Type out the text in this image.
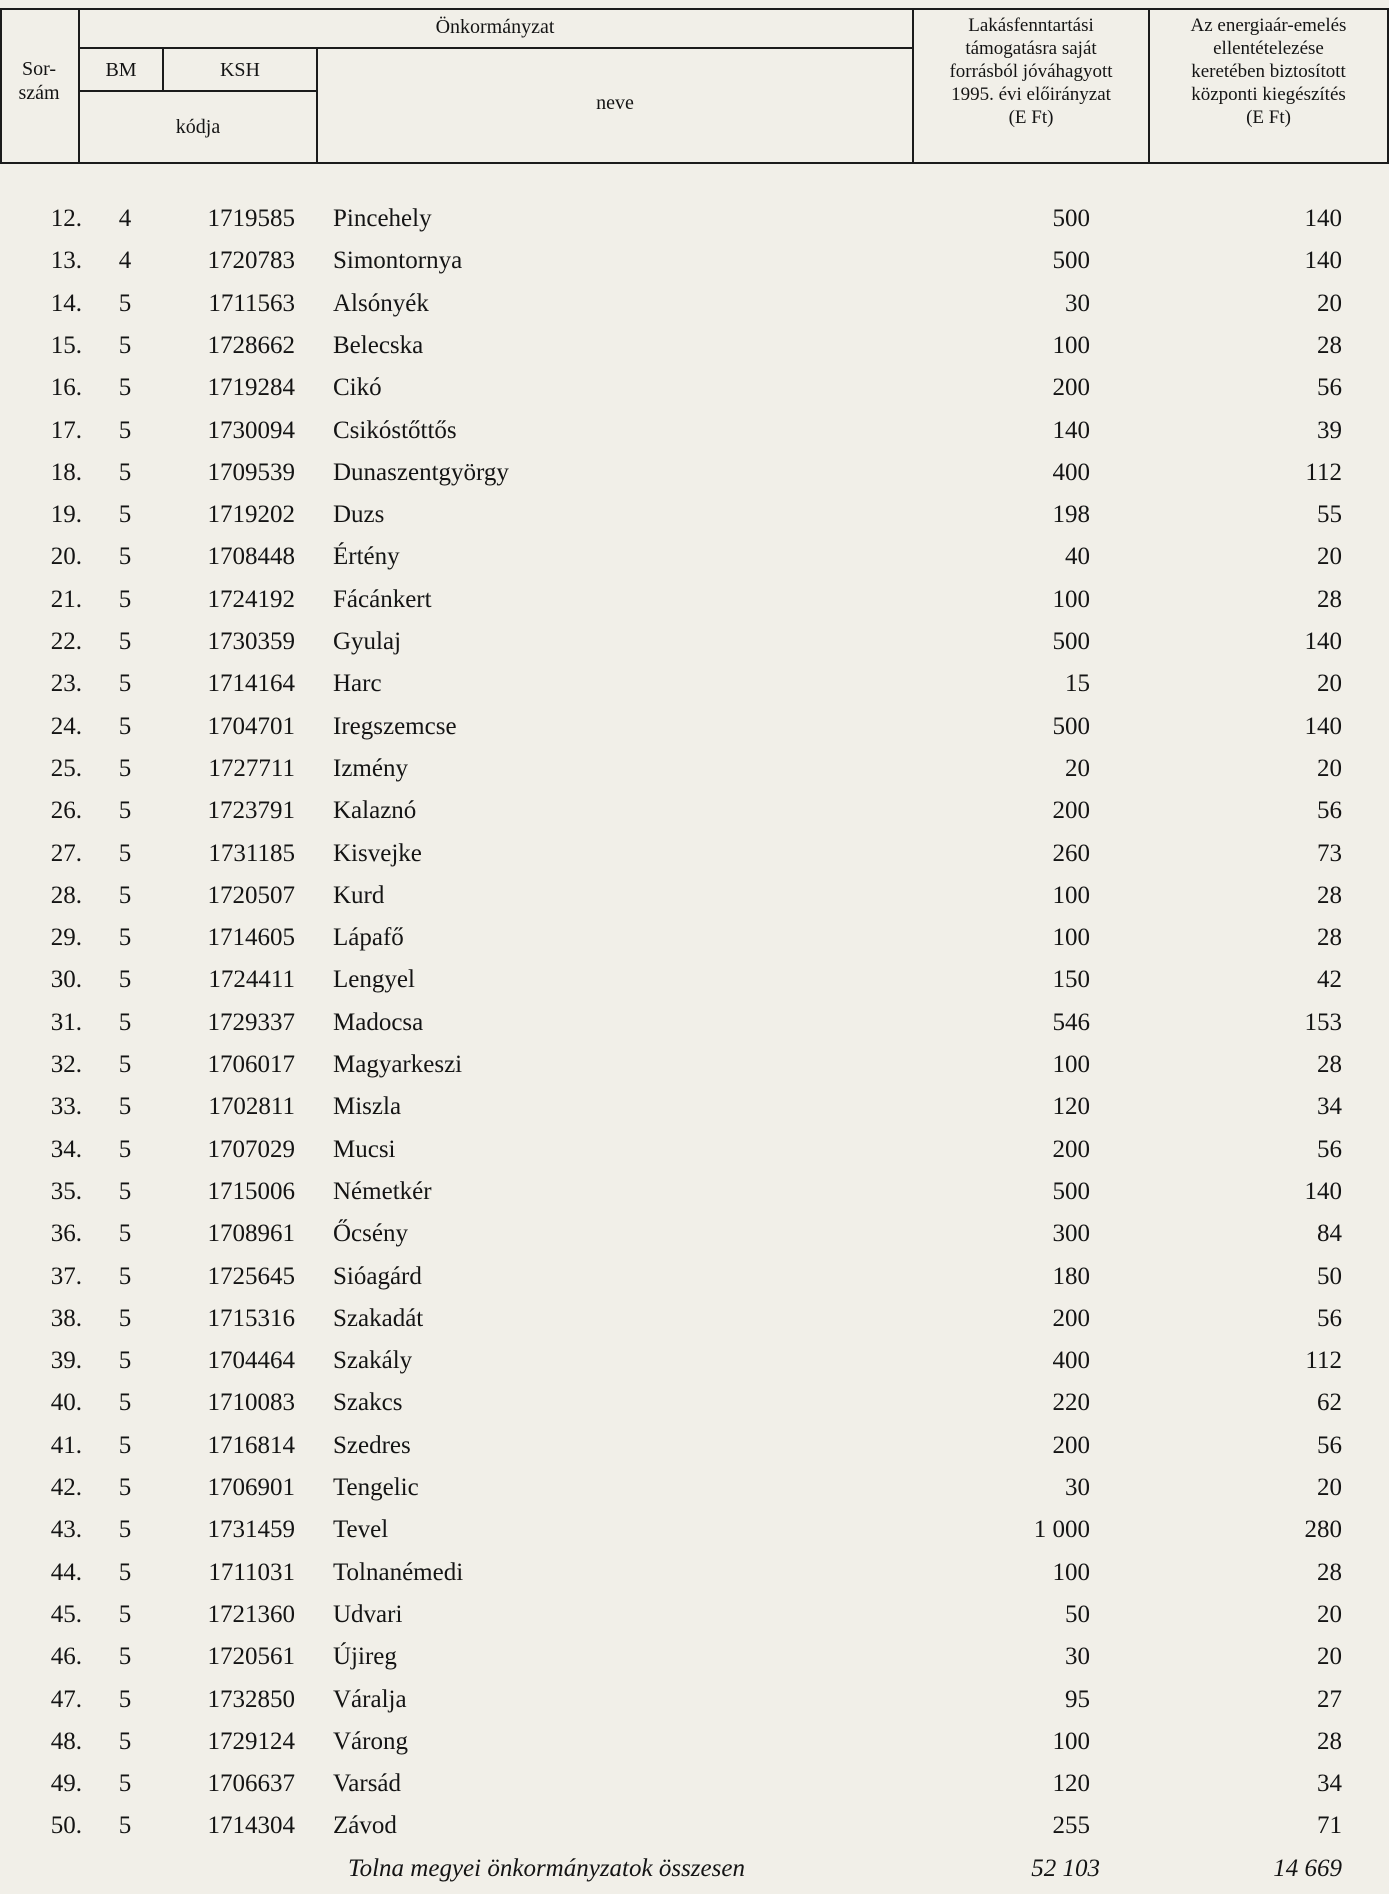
Önkormányzat
Sor-
szám
BM	KSH
kódja
neve
Lakásfenntartási
támogatásra saját
forrásból jóváhagyott
1995. évi előirányzat
(E Ft)
Az energiaár-emelés
ellentételezése
keretében biztosított
központi kiegészítés
(E Ft)
12.	4	1719585 Pincehely	500	140
13.	4	1720783 Simontornya	500	140
14.	5	1711563 Alsónyék	30	20
15.	5	1728662 Belecska	100	28
16.	5	1719284 Cikó	200	56
17.	5	1730094 Csikóstőttős	140	39
18.	5	1709539 Dunaszentgyörgy	400	112
19.	5	1719202 Duzs	198	55
20.	5	1708448 Értény	40	20
21.	5	1724192 Fácánkert	100	28
22.	5	1730359 Gyulaj	500	140
23.	5	1714164 Harc	15	20
24.	5	1704701 Iregszemcse	500	140
25.	5	1727711 Izmény	20	20
26.	5	1723791 Kalaznó	200	56
27.	5	1731185 Kisvejke	260	73
28.	5	1720507 Kurd	100	28
29.	5	1714605 Lápafő	100	28
30.	5	1724411 Lengyel	150	42
31.	5	1729337 Madocsa	546	153
32.	5	1706017 Magyarkeszi	100	28
33.	5	1702811 Miszla	120	34
34.	5	1707029 Mucsi	200	56
35.	5	1715006 Németkér	500	140
36.	5	1708961 Őcsény	300	84
37.	5	1725645 Sióagárd	180	50
38.	5	1715316 Szakadát	200	56
39.	5	1704464 Szakály	400	112
40.	5	1710083 Szakcs	220	62
41.	5	1716814 Szedres	200	56
42.	5	1706901 Tengelic	30	20
43.	5	1731459 Tevel	1 000	280
44.	5	1711031 Tolnanémedi	100	28
45.	5	1721360 Udvari	50	20
46.	5	1720561 Újireg	30	20
47.	5	1732850 Váralja	95	27
48.	5	1729124 Várong	100	28
49.	5	1706637 Varsád	120	34
50.	5	1714304 Závod	255	71
Tolna megyei önkormányzatok összesen	52 103	14 669
